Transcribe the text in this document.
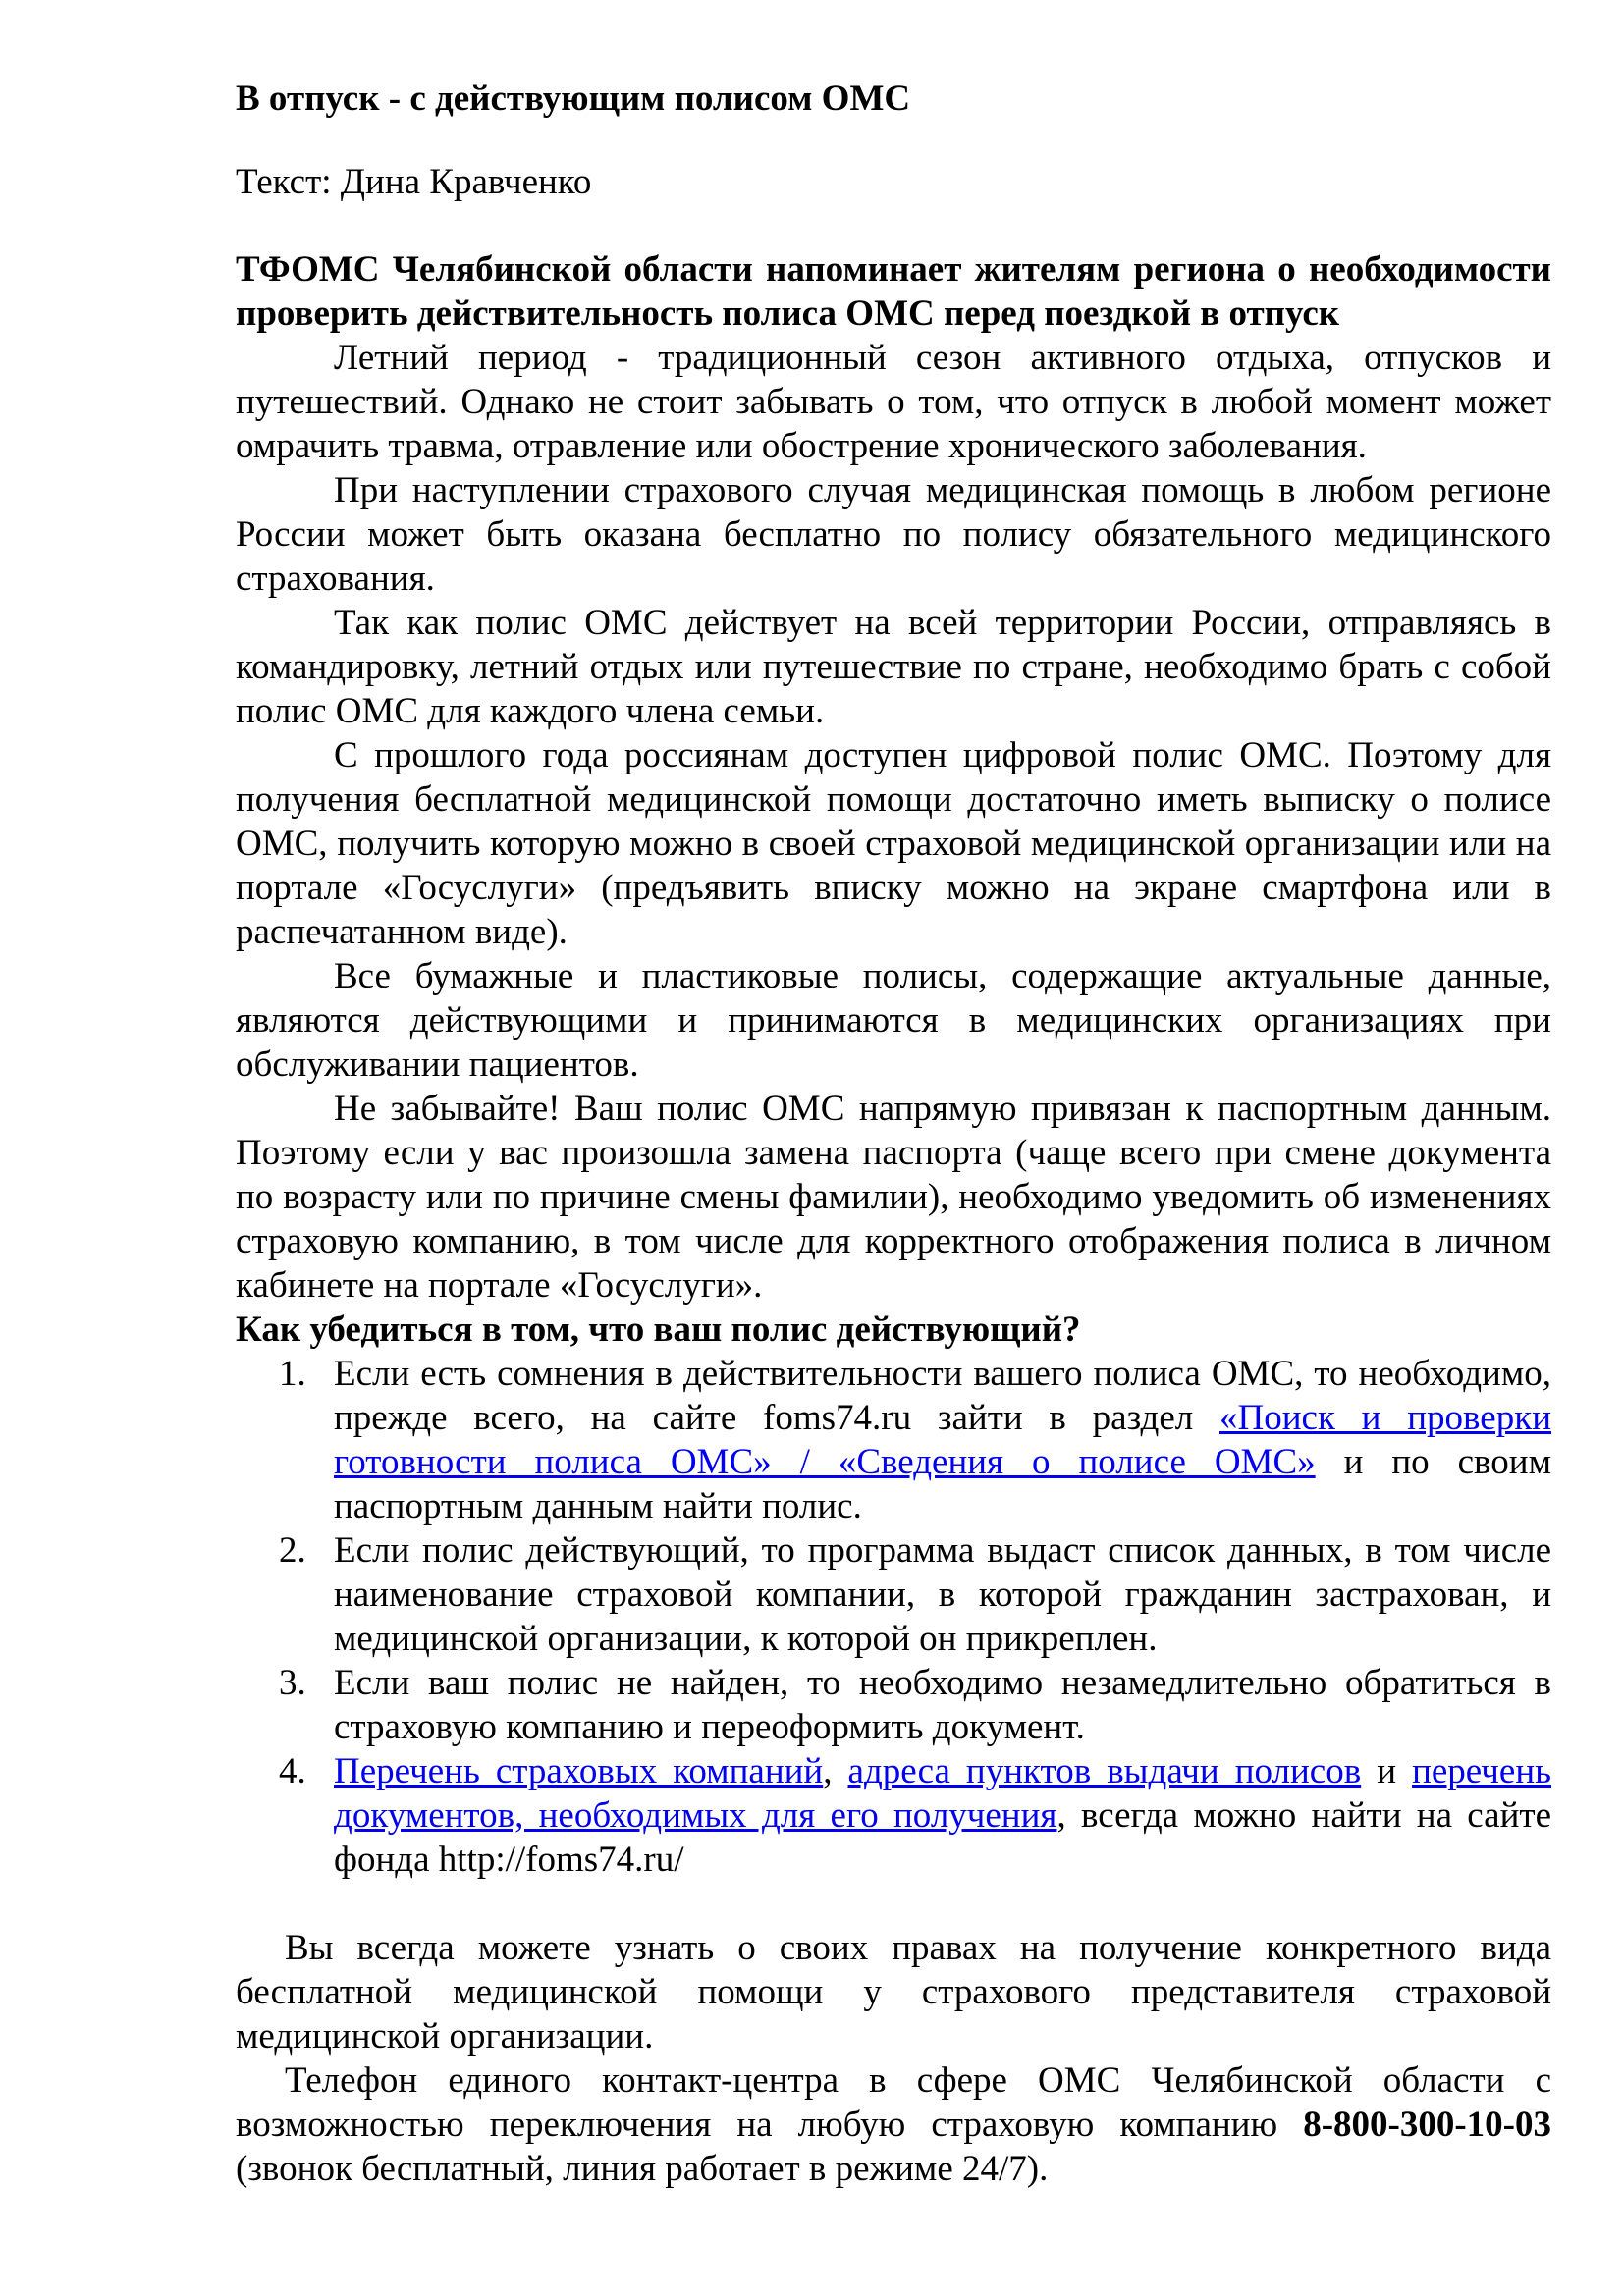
В отпуск - с действующим полисом ОМС

Текст: Дина Кравченко

ТФОМС Челябинской области напоминает жителям региона о необходимости проверить действительность полиса ОМС перед поездкой в отпуск

Летний период - традиционный сезон активного отдыха, отпусков и путешествий. Однако не стоит забывать о том, что отпуск в любой момент может омрачить травма, отравление или обострение хронического заболевания.

При наступлении страхового случая медицинская помощь в любом регионе России может быть оказана бесплатно по полису обязательного медицинского страхования.

Так как полис ОМС действует на всей территории России, отправляясь в командировку, летний отдых или путешествие по стране, необходимо брать с собой полис ОМС для каждого члена семьи.

С прошлого года россиянам доступен цифровой полис ОМС. Поэтому для получения бесплатной медицинской помощи достаточно иметь выписку о полисе ОМС, получить которую можно в своей страховой медицинской организации или на портале «Госуслуги» (предъявить вписку можно на экране смартфона или в распечатанном виде).

Все бумажные и пластиковые полисы, содержащие актуальные данные, являются действующими и принимаются в медицинских организациях при обслуживании пациентов.

Не забывайте! Ваш полис ОМС напрямую привязан к паспортным данным. Поэтому если у вас произошла замена паспорта (чаще всего при смене документа по возрасту или по причине смены фамилии), необходимо уведомить об изменениях страховую компанию, в том числе для корректного отображения полиса в личном кабинете на портале «Госуслуги».

Как убедиться в том, что ваш полис действующий?

1. Если есть сомнения в действительности вашего полиса ОМС, то необходимо, прежде всего, на сайте foms74.ru зайти в раздел «Поиск и проверки готовности полиса ОМС» / «Сведения о полисе ОМС» и по своим паспортным данным найти полис.
2. Если полис действующий, то программа выдаст список данных, в том числе наименование страховой компании, в которой гражданин застрахован, и медицинской организации, к которой он прикреплен.
3. Если ваш полис не найден, то необходимо незамедлительно обратиться в страховую компанию и переоформить документ.
4. Перечень страховых компаний, адреса пунктов выдачи полисов и перечень документов, необходимых для его получения, всегда можно найти на сайте фонда http://foms74.ru/

Вы всегда можете узнать о своих правах на получение конкретного вида бесплатной медицинской помощи у страхового представителя страховой медицинской организации.

Телефон единого контакт-центра в сфере ОМС Челябинской области с возможностью переключения на любую страховую компанию 8-800-300-10-03 (звонок бесплатный, линия работает в режиме 24/7).
